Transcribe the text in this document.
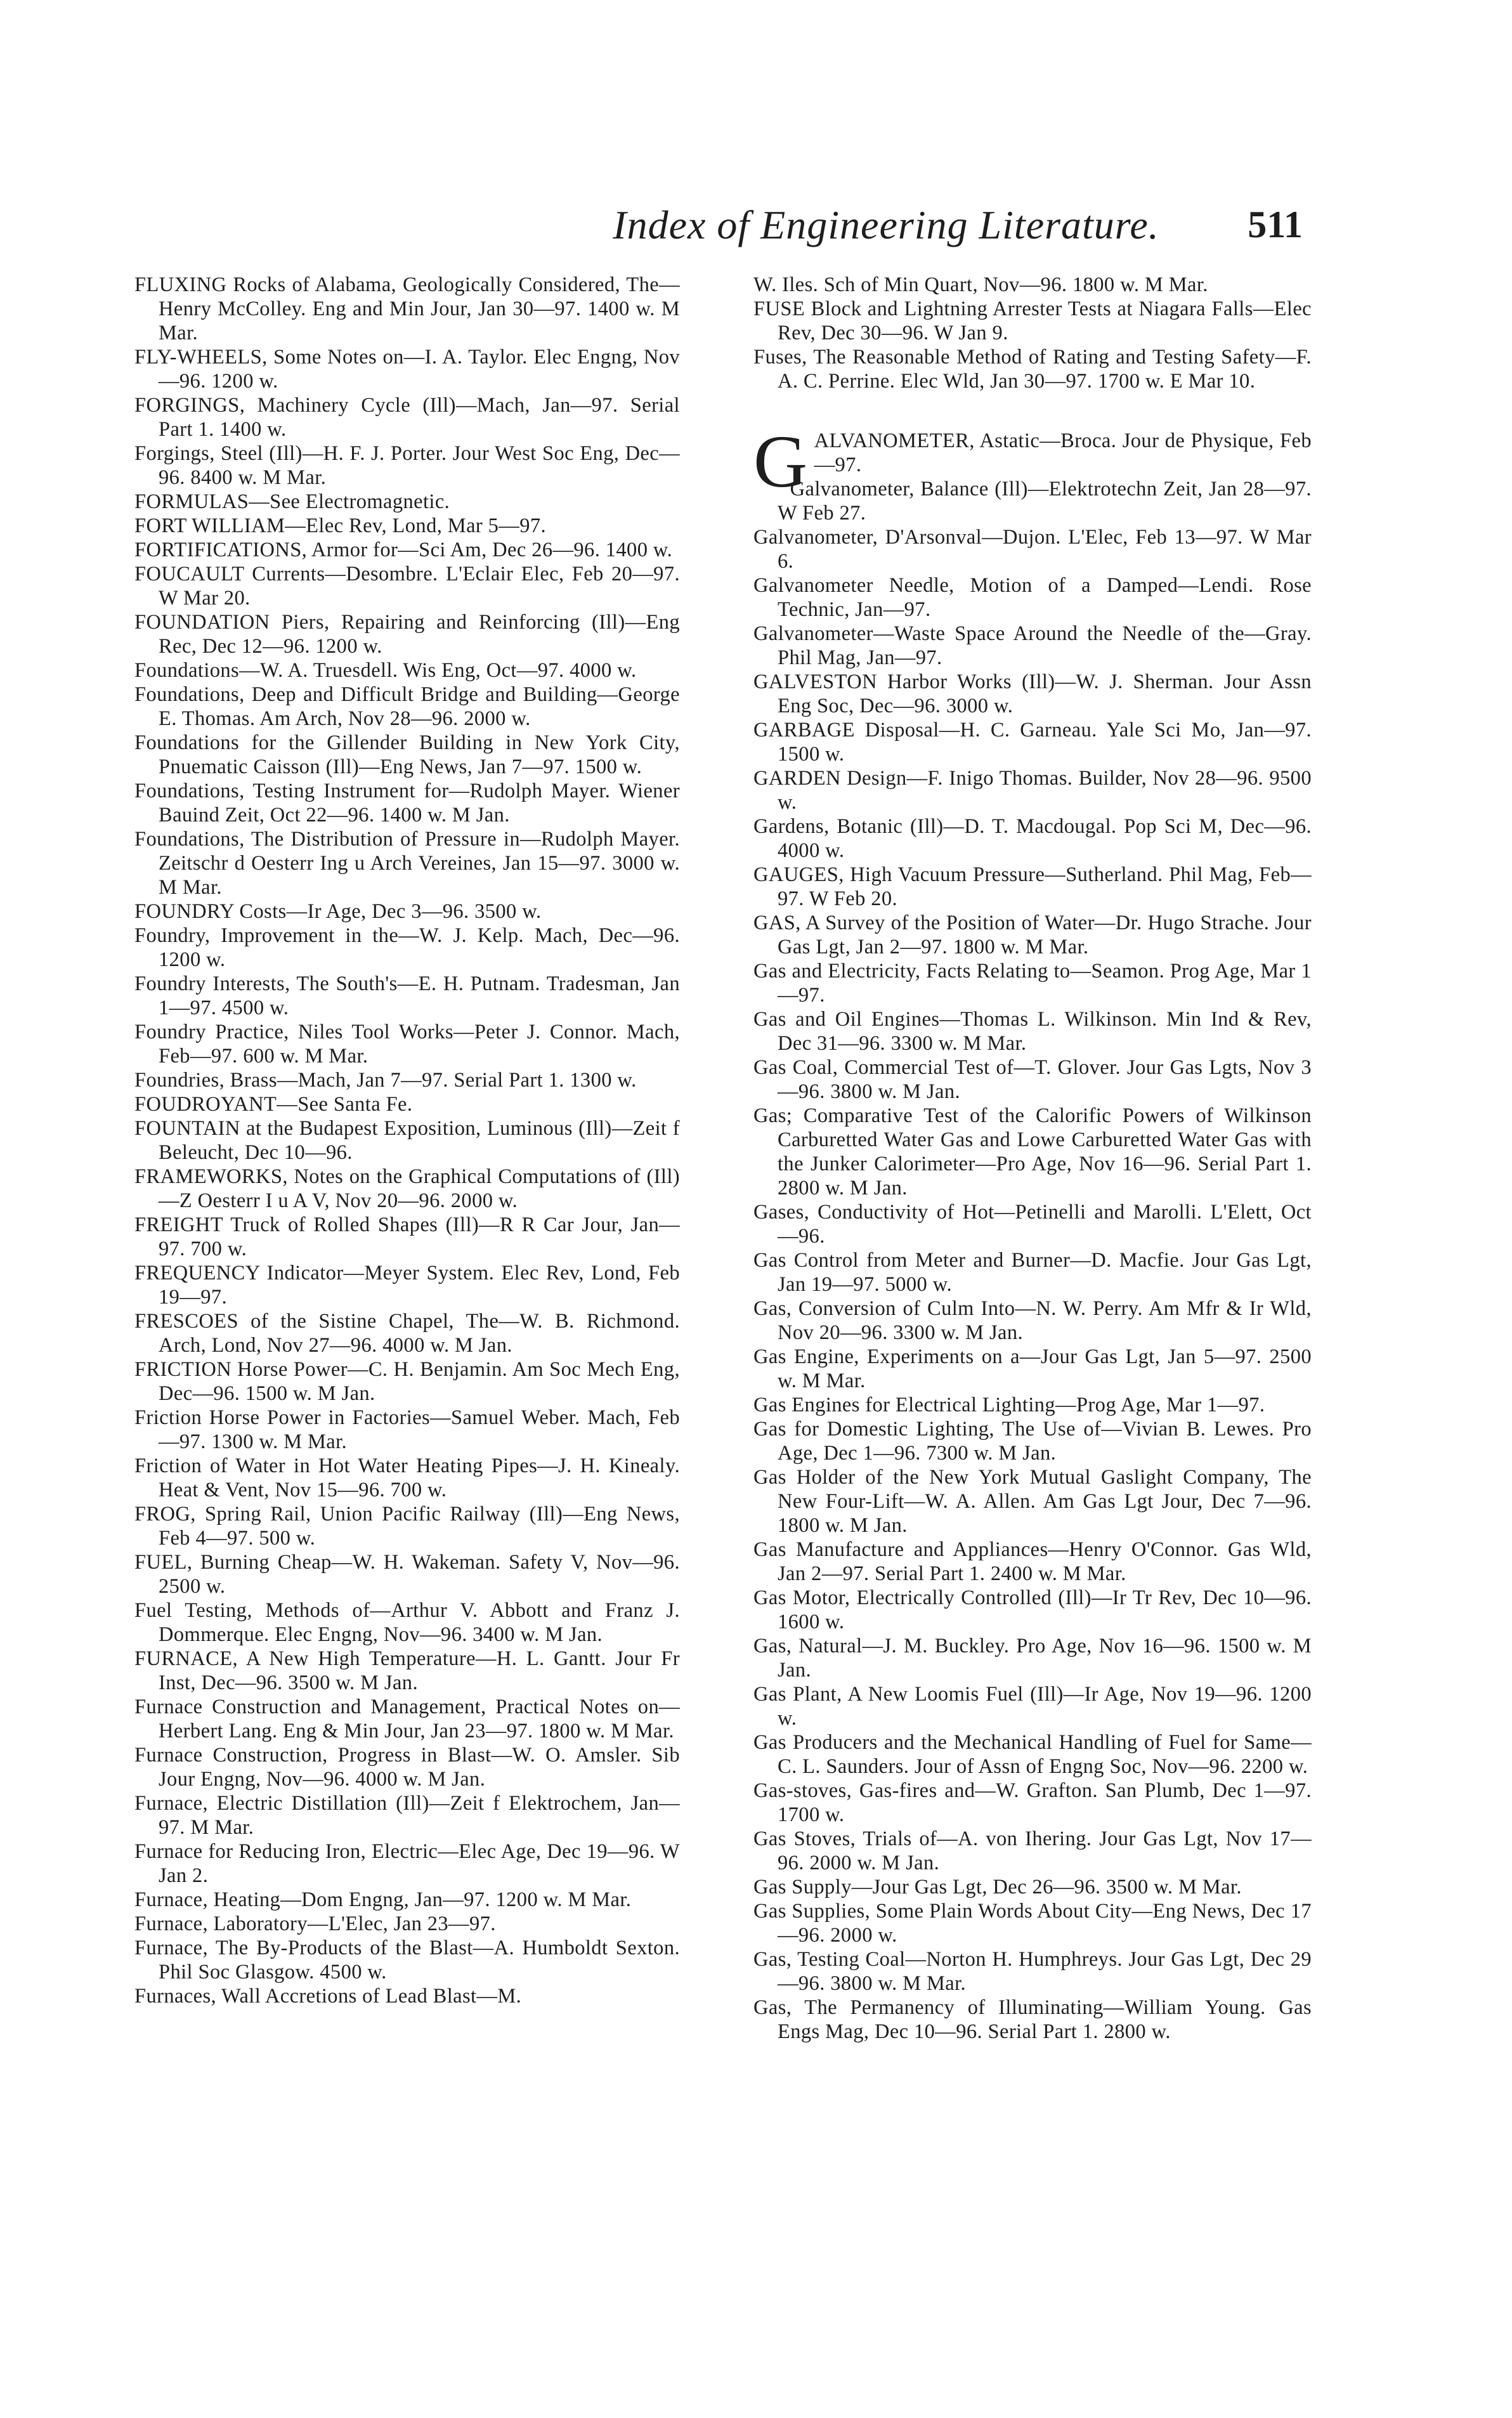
Index of Engineering Literature.	511
FLUXING Rocks of Alabama, Geologically Considered, The—Henry McColley. Eng and Min Jour, Jan 30—97. 1400 w. M Mar.
FLY-WHEELS, Some Notes on—I. A. Taylor. Elec Engng, Nov—96. 1200 w.
FORGINGS, Machinery Cycle (Ill)—Mach, Jan—97. Serial Part 1. 1400 w.
Forgings, Steel (Ill)—H. F. J. Porter. Jour West Soc Eng, Dec—96. 8400 w. M Mar.
FORMULAS—See Electromagnetic.
FORT WILLIAM—Elec Rev, Lond, Mar 5—97.
FORTIFICATIONS, Armor for—Sci Am, Dec 26—96. 1400 w.
FOUCAULT Currents—Desombre. L'Eclair Elec, Feb 20—97. W Mar 20.
FOUNDATION Piers, Repairing and Reinforcing (Ill)—Eng Rec, Dec 12—96. 1200 w.
Foundations—W. A. Truesdell. Wis Eng, Oct—97. 4000 w.
Foundations, Deep and Difficult Bridge and Building—George E. Thomas. Am Arch, Nov 28—96. 2000 w.
Foundations for the Gillender Building in New York City, Pnuematic Caisson (Ill)—Eng News, Jan 7—97. 1500 w.
Foundations, Testing Instrument for—Rudolph Mayer. Wiener Bauind Zeit, Oct 22—96. 1400 w. M Jan.
Foundations, The Distribution of Pressure in—Rudolph Mayer. Zeitschr d Oesterr Ing u Arch Vereines, Jan 15—97. 3000 w. M Mar.
FOUNDRY Costs—Ir Age, Dec 3—96. 3500 w.
Foundry, Improvement in the—W. J. Kelp. Mach, Dec—96. 1200 w.
Foundry Interests, The South's—E. H. Putnam. Tradesman, Jan 1—97. 4500 w.
Foundry Practice, Niles Tool Works—Peter J. Connor. Mach, Feb—97. 600 w. M Mar.
Foundries, Brass—Mach, Jan 7—97. Serial Part 1. 1300 w.
FOUDROYANT—See Santa Fe.
FOUNTAIN at the Budapest Exposition, Luminous (Ill)—Zeit f Beleucht, Dec 10—96.
FRAMEWORKS, Notes on the Graphical Computations of (Ill)—Z Oesterr I u A V, Nov 20—96. 2000 w.
FREIGHT Truck of Rolled Shapes (Ill)—R R Car Jour, Jan—97. 700 w.
FREQUENCY Indicator—Meyer System. Elec Rev, Lond, Feb 19—97.
FRESCOES of the Sistine Chapel, The—W. B. Richmond. Arch, Lond, Nov 27—96. 4000 w. M Jan.
FRICTION Horse Power—C. H. Benjamin. Am Soc Mech Eng, Dec—96. 1500 w. M Jan.
Friction Horse Power in Factories—Samuel Weber. Mach, Feb—97. 1300 w. M Mar.
Friction of Water in Hot Water Heating Pipes—J. H. Kinealy. Heat & Vent, Nov 15—96. 700 w.
FROG, Spring Rail, Union Pacific Railway (Ill)—Eng News, Feb 4—97. 500 w.
FUEL, Burning Cheap—W. H. Wakeman. Safety V, Nov—96. 2500 w.
Fuel Testing, Methods of—Arthur V. Abbott and Franz J. Dommerque. Elec Engng, Nov—96. 3400 w. M Jan.
FURNACE, A New High Temperature—H. L. Gantt. Jour Fr Inst, Dec—96. 3500 w. M Jan.
Furnace Construction and Management, Practical Notes on—Herbert Lang. Eng & Min Jour, Jan 23—97. 1800 w. M Mar.
Furnace Construction, Progress in Blast—W. O. Amsler. Sib Jour Engng, Nov—96. 4000 w. M Jan.
Furnace, Electric Distillation (Ill)—Zeit f Elektrochem, Jan—97. M Mar.
Furnace for Reducing Iron, Electric—Elec Age, Dec 19—96. W Jan 2.
Furnace, Heating—Dom Engng, Jan—97. 1200 w. M Mar.
Furnace, Laboratory—L'Elec, Jan 23—97.
Furnace, The By-Products of the Blast—A. Humboldt Sexton. Phil Soc Glasgow. 4500 w.
Furnaces, Wall Accretions of Lead Blast—M.
W. Iles. Sch of Min Quart, Nov—96. 1800 w. M Mar.
FUSE Block and Lightning Arrester Tests at Niagara Falls—Elec Rev, Dec 30—96. W Jan 9.
Fuses, The Reasonable Method of Rating and Testing Safety—F. A. C. Perrine. Elec Wld, Jan 30—97. 1700 w. E Mar 10.
GALVANOMETER, Astatic—Broca. Jour de Physique, Feb—97.
Galvanometer, Balance (Ill)—Elektrotechn Zeit, Jan 28—97. W Feb 27.
Galvanometer, D'Arsonval—Dujon. L'Elec, Feb 13—97. W Mar 6.
Galvanometer Needle, Motion of a Damped—Lendi. Rose Technic, Jan—97.
Galvanometer—Waste Space Around the Needle of the—Gray. Phil Mag, Jan—97.
GALVESTON Harbor Works (Ill)—W. J. Sherman. Jour Assn Eng Soc, Dec—96. 3000 w.
GARBAGE Disposal—H. C. Garneau. Yale Sci Mo, Jan—97. 1500 w.
GARDEN Design—F. Inigo Thomas. Builder, Nov 28—96. 9500 w.
Gardens, Botanic (Ill)—D. T. Macdougal. Pop Sci M, Dec—96. 4000 w.
GAUGES, High Vacuum Pressure—Sutherland. Phil Mag, Feb—97. W Feb 20.
GAS, A Survey of the Position of Water—Dr. Hugo Strache. Jour Gas Lgt, Jan 2—97. 1800 w. M Mar.
Gas and Electricity, Facts Relating to—Seamon. Prog Age, Mar 1—97.
Gas and Oil Engines—Thomas L. Wilkinson. Min Ind & Rev, Dec 31—96. 3300 w. M Mar.
Gas Coal, Commercial Test of—T. Glover. Jour Gas Lgts, Nov 3—96. 3800 w. M Jan.
Gas; Comparative Test of the Calorific Powers of Wilkinson Carburetted Water Gas and Lowe Carburetted Water Gas with the Junker Calorimeter—Pro Age, Nov 16—96. Serial Part 1. 2800 w. M Jan.
Gases, Conductivity of Hot—Petinelli and Marolli. L'Elett, Oct—96.
Gas Control from Meter and Burner—D. Macfie. Jour Gas Lgt, Jan 19—97. 5000 w.
Gas, Conversion of Culm Into—N. W. Perry. Am Mfr & Ir Wld, Nov 20—96. 3300 w. M Jan.
Gas Engine, Experiments on a—Jour Gas Lgt, Jan 5—97. 2500 w. M Mar.
Gas Engines for Electrical Lighting—Prog Age, Mar 1—97.
Gas for Domestic Lighting, The Use of—Vivian B. Lewes. Pro Age, Dec 1—96. 7300 w. M Jan.
Gas Holder of the New York Mutual Gaslight Company, The New Four-Lift—W. A. Allen. Am Gas Lgt Jour, Dec 7—96. 1800 w. M Jan.
Gas Manufacture and Appliances—Henry O'Connor. Gas Wld, Jan 2—97. Serial Part 1. 2400 w. M Mar.
Gas Motor, Electrically Controlled (Ill)—Ir Tr Rev, Dec 10—96. 1600 w.
Gas, Natural—J. M. Buckley. Pro Age, Nov 16—96. 1500 w. M Jan.
Gas Plant, A New Loomis Fuel (Ill)—Ir Age, Nov 19—96. 1200 w.
Gas Producers and the Mechanical Handling of Fuel for Same—C. L. Saunders. Jour of Assn of Engng Soc, Nov—96. 2200 w.
Gas-stoves, Gas-fires and—W. Grafton. San Plumb, Dec 1—97. 1700 w.
Gas Stoves, Trials of—A. von Ihering. Jour Gas Lgt, Nov 17—96. 2000 w. M Jan.
Gas Supply—Jour Gas Lgt, Dec 26—96. 3500 w. M Mar.
Gas Supplies, Some Plain Words About City—Eng News, Dec 17—96. 2000 w.
Gas, Testing Coal—Norton H. Humphreys. Jour Gas Lgt, Dec 29—96. 3800 w. M Mar.
Gas, The Permanency of Illuminating—William Young. Gas Engs Mag, Dec 10—96. Serial Part 1. 2800 w.
